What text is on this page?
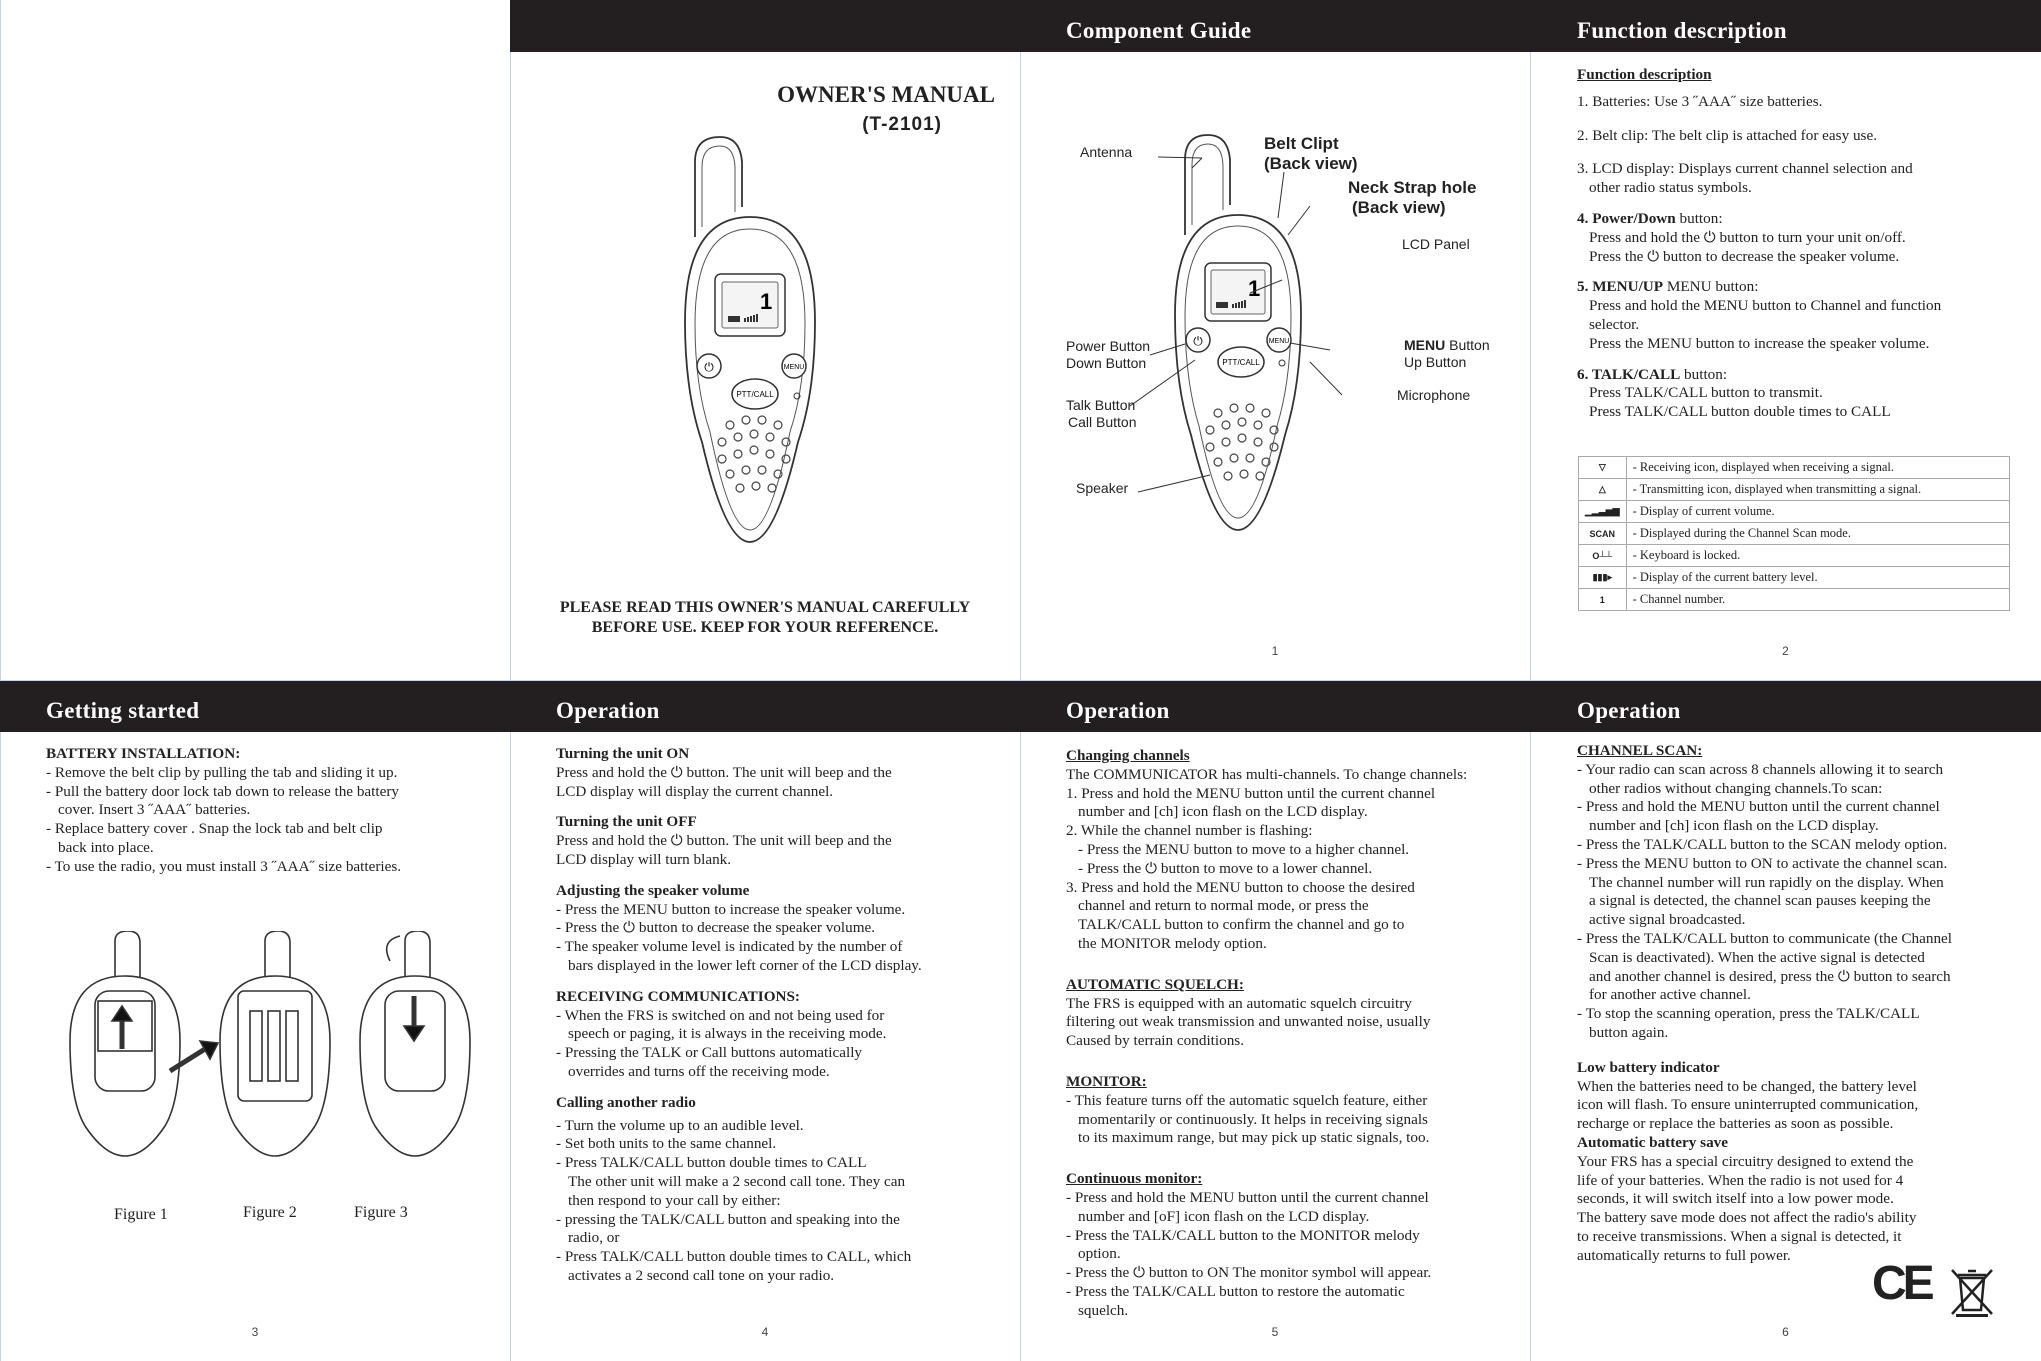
OWNER'S MANUAL
(T-2101)
1
⏻	MENU
PTT/CALL
PLEASE READ THIS OWNER'S MANUAL CAREFULLY
BEFORE USE. KEEP FOR YOUR REFERENCE.
Component Guide
1
⏻	MENU
PTT/CALL
Antenna	Belt Clipt
(Back view)
Neck Strap hole
(Back view)
LCD Panel
Power Button
Down Button
MENU Button
Up Button
Talk Button
Call Button
Microphone
Speaker
1
Function description

Function description

1. Batteries: Use 3 ˝AAA˝ size batteries.

2. Belt clip: The belt clip is attached for easy use.

3. LCD display: Displays current channel selection and

other radio status symbols.

4. Power/Down button:

Press and hold the ⏻ button to turn your unit on/off.

Press the ⏻ button to decrease the speaker volume.

5. MENU/UP MENU button:

Press and hold the MENU button to Channel and function

selector.

Press the MENU button to increase the speaker volume.

6. TALK/CALL button:

Press TALK/CALL button to transmit.

Press TALK/CALL button double times to CALL

▽	- Receiving icon, displayed when receiving a signal.
△	- Transmitting icon, displayed when transmitting a signal.
▁▂▃▅▆	- Display of current volume.
SCAN	- Displayed during the Channel Scan mode.
O┴┴	- Keyboard is locked.
▮▮▮▸	- Display of the current battery level.
1	- Channel number.
2
Getting started

BATTERY INSTALLATION:

- Remove the belt clip by pulling the tab and sliding it up.

- Pull the battery door lock tab down to release the battery

cover. Insert 3 ˝AAA˝ batteries.

- Replace battery cover . Snap the lock tab and belt clip

back into place.

- To use the radio, you must install 3 ˝AAA˝ size batteries.

Figure 1	Figure 2	Figure 3
3
Operation

Turning the unit ON

Press and hold the ⏻ button. The unit will beep and the

LCD display will display the current channel.

Turning the unit OFF

Press and hold the ⏻ button. The unit will beep and the

LCD display will turn blank.

Adjusting the speaker volume

- Press the MENU button to increase the speaker volume.

- Press the ⏻ button to decrease the speaker volume.

- The speaker volume level is indicated by the number of

bars displayed in the lower left corner of the LCD display.

RECEIVING COMMUNICATIONS:

- When the FRS is switched on and not being used for

speech or paging, it is always in the receiving mode.

- Pressing the TALK or Call buttons automatically

overrides and turns off the receiving mode.

Calling another radio

- Turn the volume up to an audible level.

- Set both units to the same channel.

- Press TALK/CALL button double times to CALL

The other unit will make a 2 second call tone. They can

then respond to your call by either:

- pressing the TALK/CALL button and speaking into the

radio, or

- Press TALK/CALL button double times to CALL, which

activates a 2 second call tone on your radio.

4
Operation

Changing channels

The COMMUNICATOR has multi-channels. To change channels:

1. Press and hold the MENU button until the current channel

number and [ch] icon flash on the LCD display.

2. While the channel number is flashing:

- Press the MENU button to move to a higher channel.

- Press the ⏻ button to move to a lower channel.

3. Press and hold the MENU button to choose the desired

channel and return to normal mode, or press the

TALK/CALL button to confirm the channel and go to

the MONITOR melody option.

AUTOMATIC SQUELCH:

The FRS is equipped with an automatic squelch circuitry

filtering out weak transmission and unwanted noise, usually

Caused by terrain conditions.

MONITOR:

- This feature turns off the automatic squelch feature, either

momentarily or continuously. It helps in receiving signals

to its maximum range, but may pick up static signals, too.

Continuous monitor:

- Press and hold the MENU button until the current channel

number and [oF] icon flash on the LCD display.

- Press the TALK/CALL button to the MONITOR melody

option.

- Press the ⏻ button to ON The monitor symbol will appear.

- Press the TALK/CALL button to restore the automatic

squelch.

5
Operation

CHANNEL SCAN:

- Your radio can scan across 8 channels allowing it to search

other radios without changing channels.To scan:

- Press and hold the MENU button until the current channel

number and [ch] icon flash on the LCD display.

- Press the TALK/CALL button to the SCAN melody option.

- Press the MENU button to ON to activate the channel scan.

The channel number will run rapidly on the display. When

a signal is detected, the channel scan pauses keeping the

active signal broadcasted.

- Press the TALK/CALL button to communicate (the Channel

Scan is deactivated). When the active signal is detected

and another channel is desired, press the ⏻ button to search

for another active channel.

- To stop the scanning operation, press the TALK/CALL

button again.

Low battery indicator

When the batteries need to be changed, the battery level

icon will flash. To ensure uninterrupted communication,

recharge or replace the batteries as soon as possible.

Automatic battery save

Your FRS has a special circuitry designed to extend the

life of your batteries. When the radio is not used for 4

seconds, it will switch itself into a low power mode.

The battery save mode does not affect the radio's ability

to receive transmissions. When a signal is detected, it

automatically returns to full power.

CE
6
